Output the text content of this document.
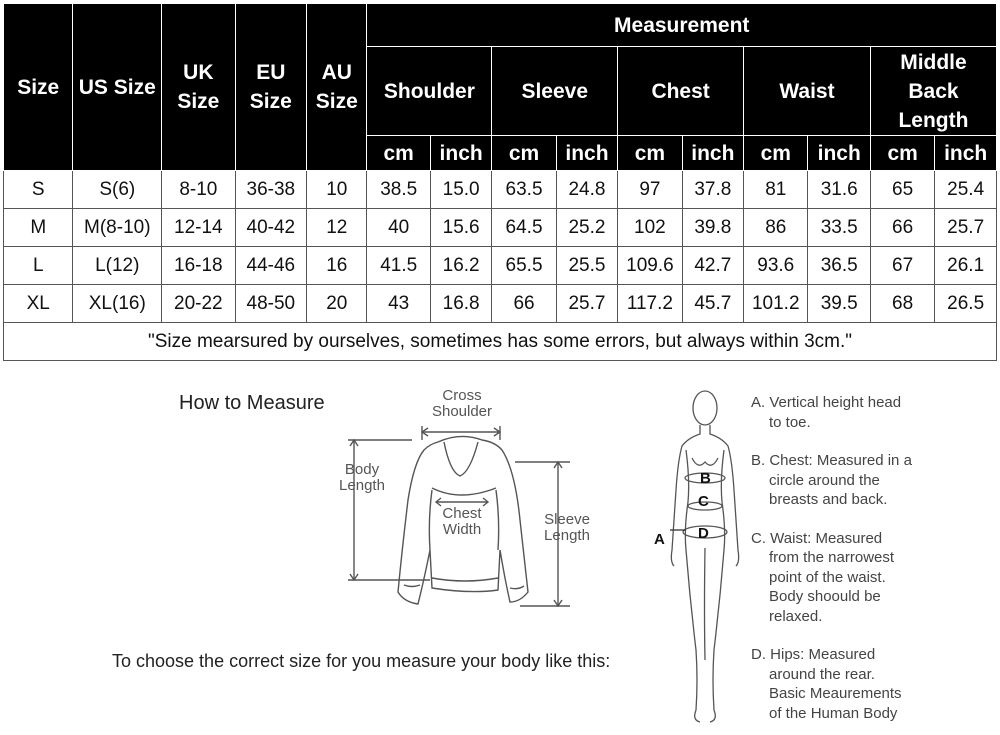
Size	US Size	UK Size	EU Size	AU Size	Measurement									
					Shoulder		Sleeve		Chest		Waist		Middle Back Length	
					cm	inch	cm	inch	cm	inch	cm	inch	cm	inch
S	S(6)	8-10	36-38	10	38.5	15.0	63.5	24.8	97	37.8	81	31.6	65	25.4
M	M(8-10)	12-14	40-42	12	40	15.6	64.5	25.2	102	39.8	86	33.5	66	25.7
L	L(12)	16-18	44-46	16	41.5	16.2	65.5	25.5	109.6	42.7	93.6	36.5	67	26.1
XL	XL(16)	20-22	48-50	20	43	16.8	66	25.7	117.2	45.7	101.2	39.5	68	26.5
"Size mearsured by ourselves, sometimes has some errors, but always within 3cm."														
How to Measure	Cross
Shoulder
Body
Length
Chest
Width
Sleeve
Length
To choose the correct size for you measure your body like this:
B
C
D
A
A. Vertical height head
to toe.
B. Chest: Measured in a
circle around the
breasts and back.
C. Waist: Measured
from the narrowest
point of the waist.
Body shoould be
relaxed.
D. Hips: Measured
around the rear.
Basic Meaurements
of the Human Body
